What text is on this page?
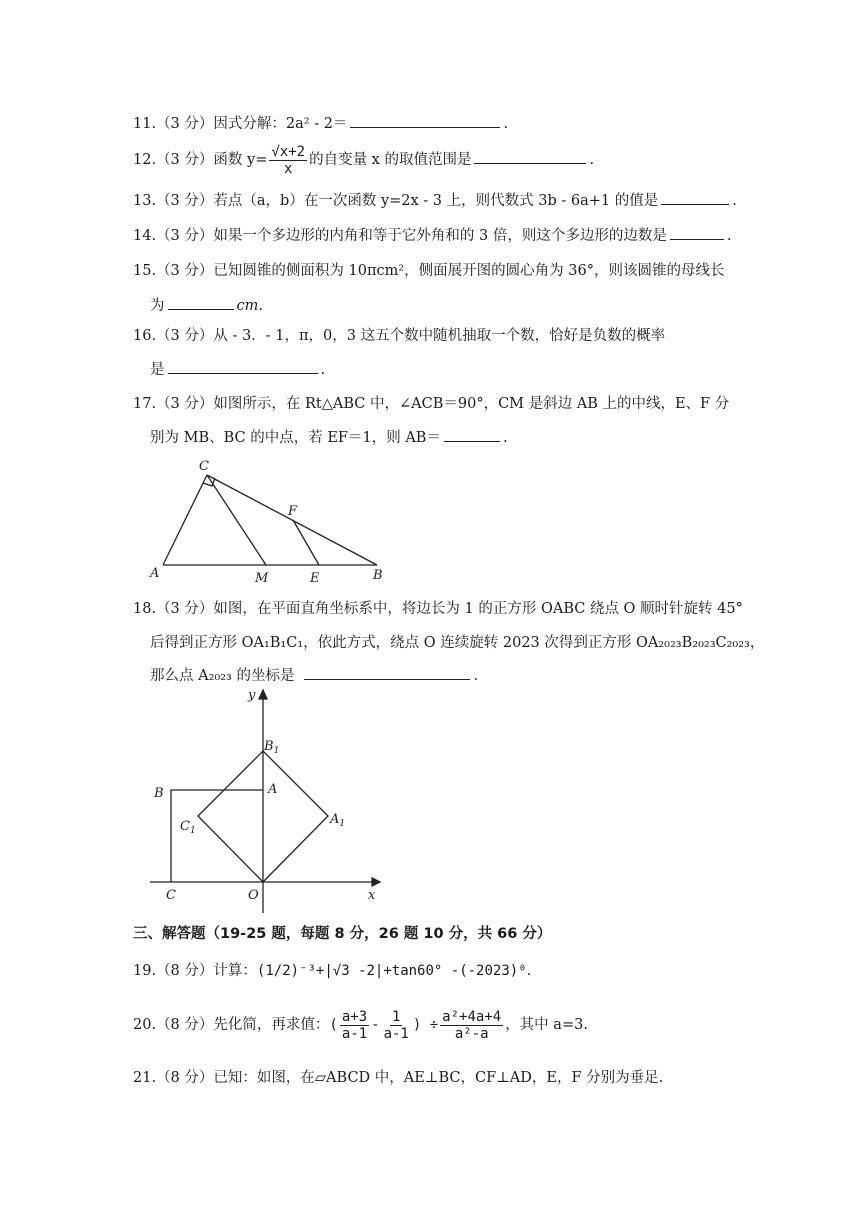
11.（3 分）因式分解：2a² - 2＝	.
12.（3 分）函数 $y= \frac{√x+2}{x}$ 的自变量 x 的取值范围是	.
13.（3 分）若点（a，b）在一次函数 y=2x - 3 上，则代数式 3b - 6a+1 的值是	.
14.（3 分）如果一个多边形的内角和等于它外角和的 3 倍，则这个多边形的边数是	.
15.（3 分）已知圆锥的侧面积为 10πcm²，侧面展开图的圆心角为 36°，则该圆锥的母线长
为	cm.
16.（3 分）从 - 3．- 1，π，0，3 这五个数中随机抽取一个数，恰好是负数的概率
是	.
17.（3 分）如图所示，在 Rt△ABC 中，∠ACB＝90°，CM 是斜边 AB 上的中线，E、F 分
别为 MB、BC 的中点，若 EF＝1，则 AB＝	.
C
F
A	M	E	B
18.（3 分）如图，在平面直角坐标系中，将边长为 1 的正方形 OABC 绕点 O 顺时针旋转 45°
后得到正方形 OA₁B₁C₁，依此方式，绕点 O 连续旋转 2023 次得到正方形 OA₂₀₂₃B₂₀₂₃C₂₀₂₃，
那么点 A₂₀₂₃ 的坐标是	.
y
x
$B_1$
A
B
$C_1$
$A_1$
C	O
三、解答题（19-25 题，每题 8 分，26 题 10 分，共 66 分）
19.（8 分）计算：(1/2)⁻³+|√3 -2|+tan60° -(-2023)⁰.
20.（8 分）先化简，再求值：( $\frac{a+3}{a-1} - \frac{1}{a-1}$ ) ÷ $\frac{\text{a²+4a+4}}{\text{a²-a}}$ ，其中 a=3.
21.（8 分）已知：如图，在▱ABCD 中，AE⊥BC，CF⊥AD，E，F 分别为垂足.
